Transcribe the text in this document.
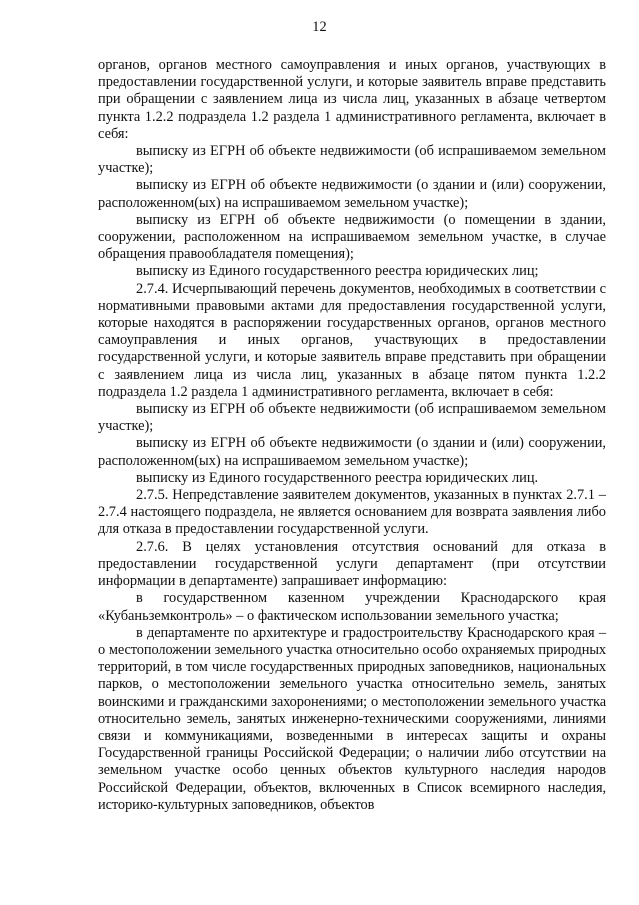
12

органов, органов местного самоуправления и иных органов, участвующих в предоставлении государственной услуги, и которые заявитель вправе представить при обращении с заявлением лица из числа лиц, указанных в абзаце четвертом пункта 1.2.2 подраздела 1.2 раздела 1 административного регламента, включает в себя:

выписку из ЕГРН об объекте недвижимости (об испрашиваемом земельном участке);

выписку из ЕГРН об объекте недвижимости (о здании и (или) сооружении, расположенном(ых) на испрашиваемом земельном участке);

выписку из ЕГРН об объекте недвижимости (о помещении в здании, сооружении, расположенном на испрашиваемом земельном участке, в случае обращения правообладателя помещения);

выписку из Единого государственного реестра юридических лиц;

2.7.4. Исчерпывающий перечень документов, необходимых в соответствии с нормативными правовыми актами для предоставления государственной услуги, которые находятся в распоряжении государственных органов, органов местного самоуправления и иных органов, участвующих в предоставлении государственной услуги, и которые заявитель вправе представить при обращении с заявлением лица из числа лиц, указанных в абзаце пятом пункта 1.2.2 подраздела 1.2 раздела 1 административного регламента, включает в себя:

выписку из ЕГРН об объекте недвижимости (об испрашиваемом земельном участке);

выписку из ЕГРН об объекте недвижимости (о здании и (или) сооружении, расположенном(ых) на испрашиваемом земельном участке);

выписку из Единого государственного реестра юридических лиц.

2.7.5. Непредставление заявителем документов, указанных в пунктах 2.7.1 – 2.7.4 настоящего подраздела, не является основанием для возврата заявления либо для отказа в предоставлении государственной услуги.

2.7.6. В целях установления отсутствия оснований для отказа в предоставлении государственной услуги департамент (при отсутствии информации в департаменте) запрашивает информацию:

в государственном казенном учреждении Краснодарского края «Кубаньземконтроль» – о фактическом использовании земельного участка;

в департаменте по архитектуре и градостроительству Краснодарского края – о местоположении земельного участка относительно особо охраняемых природных территорий, в том числе государственных природных заповедников, национальных парков, о местоположении земельного участка относительно земель, занятых воинскими и гражданскими захоронениями; о местоположении земельного участка относительно земель, занятых инженерно-техническими сооружениями, линиями связи и коммуникациями, возведенными в интересах защиты и охраны Государственной границы Российской Федерации; о наличии либо отсутствии на земельном участке особо ценных объектов культурного наследия народов Российской Федерации, объектов, включенных в Список всемирного наследия, историко-культурных заповедников, объектов
